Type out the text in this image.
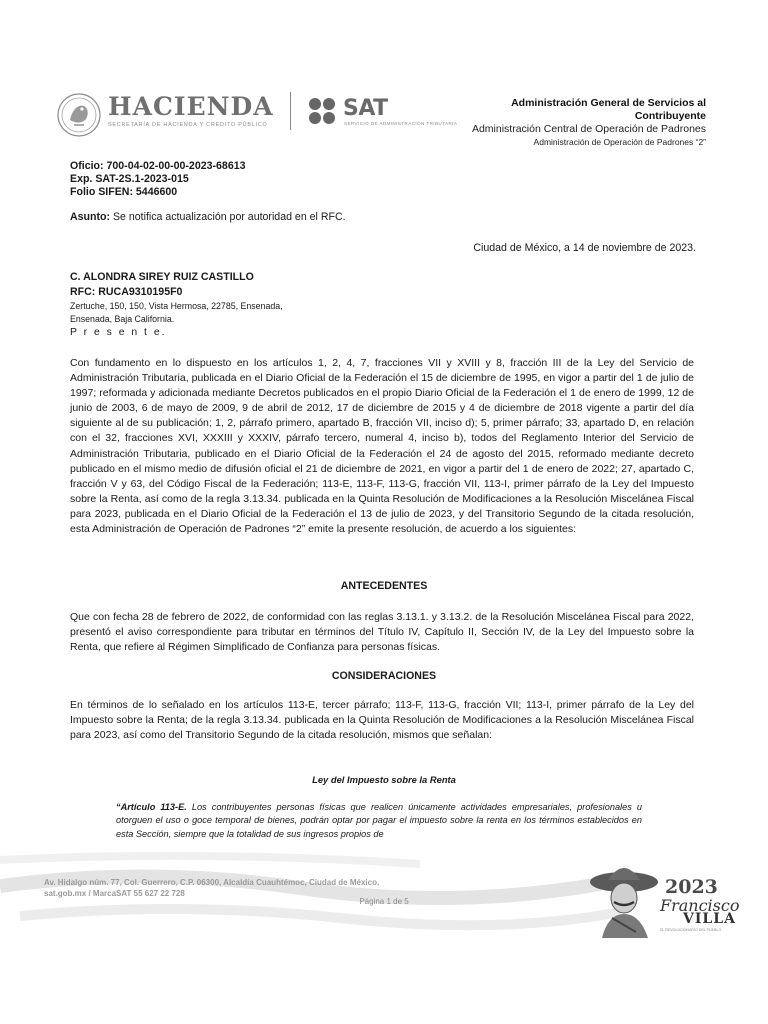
HACIENDA
SECRETARÍA DE HACIENDA Y CRÉDITO PÚBLICO
SAT
SERVICIO DE ADMINISTRACIÓN TRIBUTARIA
Administración General de Servicios al Contribuyente
Administración Central de Operación de Padrones
Administración de Operación de Padrones “2”
Oficio: 700-04-02-00-00-2023-68613
Exp. SAT-2S.1-2023-015
Folio SIFEN: 5446600
Asunto: Se notifica actualización por autoridad en el RFC.
Ciudad de México, a 14 de noviembre de 2023.
C. ALONDRA SIREY RUIZ CASTILLO
RFC: RUCA9310195F0
Zertuche, 150, 150, Vista Hermosa, 22785, Ensenada,
Ensenada, Baja California.
P r e s e n t e.
Con fundamento en lo dispuesto en los artículos 1, 2, 4, 7, fracciones VII y XVIII y 8, fracción III de la Ley del Servicio de Administración Tributaria, publicada en el Diario Oficial de la Federación el 15 de diciembre de 1995, en vigor a partir del 1 de julio de 1997; reformada y adicionada mediante Decretos publicados en el propio Diario Oficial de la Federación el 1 de enero de 1999, 12 de junio de 2003, 6 de mayo de 2009, 9 de abril de 2012, 17 de diciembre de 2015 y 4 de diciembre de 2018 vigente a partir del día siguiente al de su publicación; 1, 2, párrafo primero, apartado B, fracción VII, inciso d); 5, primer párrafo; 33, apartado D, en relación con el 32, fracciones XVI, XXXIII y XXXIV, párrafo tercero, numeral 4, inciso b), todos del Reglamento Interior del Servicio de Administración Tributaria, publicado en el Diario Oficial de la Federación el 24 de agosto del 2015, reformado mediante decreto publicado en el mismo medio de difusión oficial el 21 de diciembre de 2021, en vigor a partir del 1 de enero de 2022; 27, apartado C, fracción V y 63, del Código Fiscal de la Federación; 113-E, 113-F, 113-G, fracción VII, 113-I, primer párrafo de la Ley del Impuesto sobre la Renta, así como de la regla 3.13.34. publicada en la Quinta Resolución de Modificaciones a la Resolución Miscelánea Fiscal para 2023, publicada en el Diario Oficial de la Federación el 13 de julio de 2023, y del Transitorio Segundo de la citada resolución, esta Administración de Operación de Padrones “2” emite la presente resolución, de acuerdo a los siguientes:
ANTECEDENTES
Que con fecha 28 de febrero de 2022, de conformidad con las reglas 3.13.1. y 3.13.2. de la Resolución Miscelánea Fiscal para 2022, presentó el aviso correspondiente para tributar en términos del Título IV, Capítulo II, Sección IV, de la Ley del Impuesto sobre la Renta, que refiere al Régimen Simplificado de Confianza para personas físicas.
CONSIDERACIONES
En términos de lo señalado en los artículos 113-E, tercer párrafo; 113-F, 113-G, fracción VII; 113-I, primer párrafo de la Ley del Impuesto sobre la Renta; de la regla 3.13.34. publicada en la Quinta Resolución de Modificaciones a la Resolución Miscelánea Fiscal para 2023, así como del Transitorio Segundo de la citada resolución, mismos que señalan:
Ley del Impuesto sobre la Renta
“Artículo 113-E. Los contribuyentes personas físicas que realicen únicamente actividades empresariales, profesionales u otorguen el uso o goce temporal de bienes, podrán optar por pagar el impuesto sobre la renta en los términos establecidos en esta Sección, siempre que la totalidad de sus ingresos propios de
Av. Hidalgo núm. 77, Col. Guerrero, C.P. 06300, Alcaldía Cuauhtémoc, Ciudad de México.
sat.gob.mx / MarcaSAT 55 627 22 728
Página 1 de 5
2023
Francisco
VILLA
EL REVOLUCIONARIO DEL PUEBLO
